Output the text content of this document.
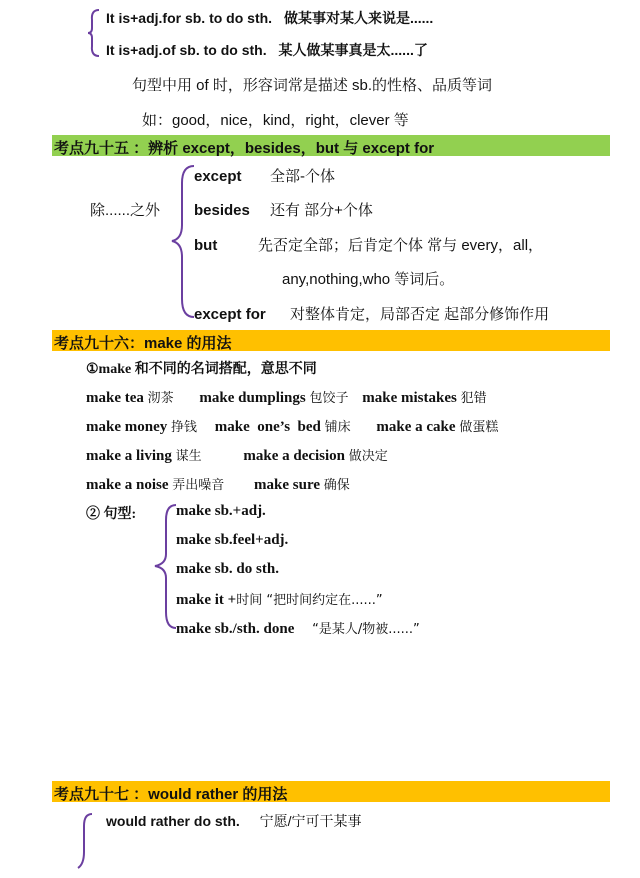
It is+adj.for sb. to do sth. 做某事对某人来说是......
It is+adj.of sb. to do sth. 某人做某事真是太......了
句型中用 of 时，形容词常是描述 sb.的性格、品质等词
如：good，nice，kind，right，clever 等
考点九十五 ：辨析 except，besides，but 与 except for
除......之外
except 全部-个体
besides 还有 部分+个体
but	先否定全部；后肯定个体 常与 every，all，
any,nothing,who 等词后。
except for 对整体肯定，局部否定 起部分修饰作用
考点九十六：make 的用法
①make 和不同的名词搭配，意思不同
make tea 沏茶 make dumplings 包饺子 make mistakes 犯错
make money 挣钱 make  one’s  bed 铺床 make a cake 做蛋糕
make a living 谋生	make a decision 做决定
make a noise 弄出噪音 make sure 确保
② 句型:	make sb.+adj.
make sb.feel+adj.
make sb. do sth.
make it +时间 “把时间约定在......”
make sb./sth. done “是某人/物被......”
考点九十七 ：would rather 的用法
would rather do sth. 宁愿/宁可干某事
